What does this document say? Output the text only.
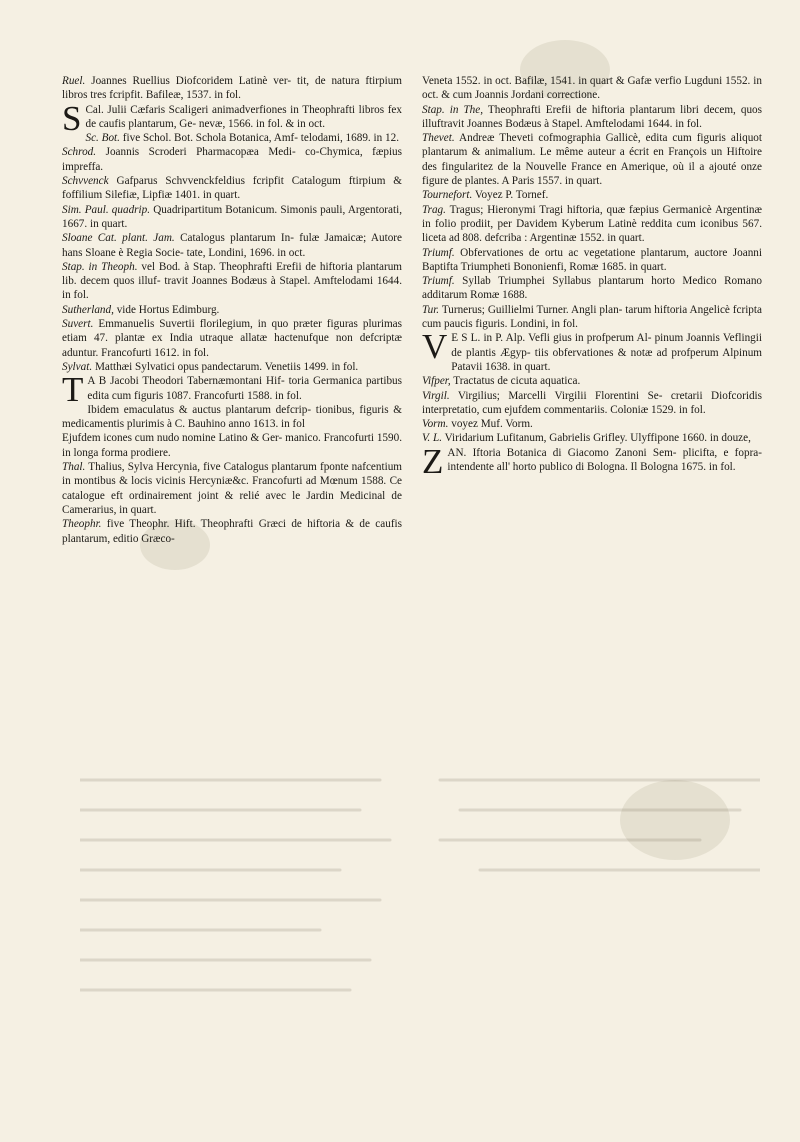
Ruel. Joannes Ruellius Diofcoridem Latinè ver- tit, de natura ftirpium libros tres fcripfit. Bafileæ, 1537. in fol.
S Cal. Julii Cæfaris Scaligeri animadverfiones in Theophrafti libros fex de caufis plantarum, Ge- nevæ, 1566. in fol. & in oct.
Sc. Bot. five Schol. Bot. Schola Botanica, Amf- telodami, 1689. in 12.
Schrod. Joannis Scroderi Pharmacopæa Medi- co-Chymica, fæpius impreffa.
Schvvenck Gafparus Schvvenckfeldius fcripfit Catalogum ftirpium & foffilium Silefiæ, Lipfiæ 1401. in quart.
Sim. Paul. quadrip. Quadripartitum Botanicum. Simonis pauli, Argentorati, 1667. in quart.
Sloane Cat. plant. Jam. Catalogus plantarum In- fulæ Jamaicæ; Autore hans Sloane è Regia Socie- tate, Londini, 1696. in oct.
Stap. in Theoph. vel Bod. à Stap. Theophrafti Erefii de hiftoria plantarum lib. decem quos illuf- travit Joannes Bodæus à Stapel. Amftelodami 1644. in fol.
Sutherland, vide Hortus Edimburg.
Suvert. Emmanuelis Suvertii florilegium, in quo præter figuras plurimas etiam 47. plantæ ex India utraque allatæ hactenufque non defcriptæ aduntur. Francofurti 1612. in fol.
Sylvat. Matthæi Sylvatici opus pandectarum. Venetiis 1499. in fol.
T A B Jacobi Theodori Tabernæmontani Hif- toria Germanica partibus edita cum figuris 1087. Francofurti 1588. in fol.
Ibidem emaculatus & auctus plantarum defcrip- tionibus, figuris & medicamentis plurimis à C. Bauhino anno 1613. in fol
Ejufdem icones cum nudo nomine Latino & Ger- manico. Francofurti 1590. in longa forma prodiere.
Thal. Thalius, Sylva Hercynia, five Catalogus plantarum fponte nafcentium in montibus & locis vicinis Hercyniæ&c. Francofurti ad Mœnum 1588. Ce catalogue eft ordinairement joint & relié avec le Jardin Medicinal de Camerarius, in quart.
Theophr. five Theophr. Hift. Theophrafti Græci de hiftoria & de caufis plantarum, editio Græco-
Veneta 1552. in oct. Bafilæ, 1541. in quart & Gafæ verfio Lugduni 1552. in oct. & cum Joannis Jordani correctione.
Stap. in The, Theophrafti Erefii de hiftoria plantarum libri decem, quos illuftravit Joannes Bodæus à Stapel. Amftelodami 1644. in fol.
Thevet. Andreæ Theveti cofmographia Gallicè, edita cum figuris aliquot plantarum & animalium. Le même auteur a écrit en François un Hiftoire des fingularitez de la Nouvelle France en Amerique, où il a ajouté onze figure de plantes. A Paris 1557. in quart.
Tournefort. Voyez P. Tornef.
Trag. Tragus; Hieronymi Tragi hiftoria, quæ fæpius Germanicè Argentinæ in folio prodiit, per Davidem Kyberum Latinè reddita cum iconibus 567. liceta ad 808. defcriba : Argentinæ 1552. in quart.
Triumf. Obfervationes de ortu ac vegetatione plantarum, auctore Joanni Baptifta Triumpheti Bononienfi, Romæ 1685. in quart.
Triumf. Syllab Triumphei Syllabus plantarum horto Medico Romano additarum Romæ 1688.
Tur. Turnerus; Guillielmi Turner. Angli plan- tarum hiftoria Angelicè fcripta cum paucis figuris. Londini, in fol.
V E S L. in P. Alp. Vefli gius in profperum Al- pinum Joannis Veflingii de plantis Ægyp- tiis obfervationes & notæ ad profperum Alpinum Patavii 1638. in quart.
Vifper, Tractatus de cicuta aquatica.
Virgil. Virgilius; Marcelli Virgilii Florentini Se- cretarii Diofcoridis interpretatio, cum ejufdem commentariis. Coloniæ 1529. in fol.
Vorm. voyez Muf. Vorm.
V. L. Viridarium Lufitanum, Gabrielis Grifley. Ulyffipone 1660. in douze,
ZAN. Iftoria Botanica di Giacomo Zanoni Sem- plicifta, e fopra-intendente all' horto publico di Bologna. Il Bologna 1675. in fol.
